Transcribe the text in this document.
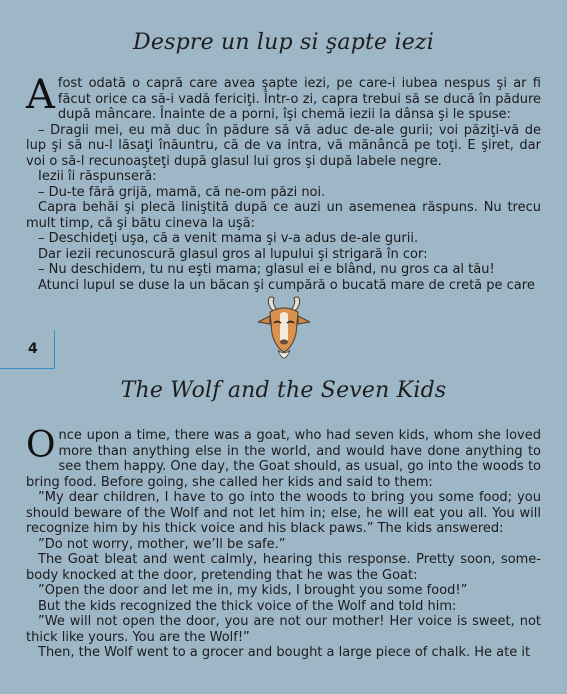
Despre un lup si şapte iezi

Afost odată o capră care avea şapte iezi, pe care-i iubea nespus şi ar fi făcut orice ca să-i vadă fericiţi. Într-o zi, capra trebui să se ducă în pădure după mâncare. Înainte de a porni, îşi chemă iezii la dânsa şi le spuse:

– Dragii mei, eu mă duc în pădure să vă aduc de-ale gurii; voi păziţi-vă de lup şi să nu-l lăsaţi înăuntru, că de va intra, vă mănâncă pe toţi. E şiret, dar voi o să-l recunoaşteţi după glasul lui gros şi după labele negre.

Iezii îi răspunseră:

– Du-te fără grijă, mamă, că ne-om păzi noi.

Capra behăi şi plecă liniştită după ce auzi un asemenea răspuns. Nu trecu mult timp, că şi bătu cineva la uşă:

– Deschideţi uşa, că a venit mama şi v-a adus de-ale gurii.

Dar iezii recunoscură glasul gros al lupului şi strigară în cor:

– Nu deschidem, tu nu eşti mama; glasul ei e blând, nu gros ca al tău!

Atunci lupul se duse la un băcan şi cumpără o bucată mare de cretă pe care

4
The Wolf and the Seven Kids

Once upon a time, there was a goat, who had seven kids, whom she loved more than anything else in the world, and would have done anything to see them happy. One day, the Goat should, as usual, go into the woods to bring food. Before going, she called her kids and said to them:

”My dear children, I have to go into the woods to bring you some food; you should beware of the Wolf and not let him in; else, he will eat you all. You will recognize him by his thick voice and his black paws.” The kids answered:

”Do not worry, mother, we’ll be safe.”

The Goat bleat and went calmly, hearing this response. Pretty soon, some-body knocked at the door, pretending that he was the Goat:

”Open the door and let me in, my kids, I brought you some food!”

But the kids recognized the thick voice of the Wolf and told him:

”We will not open the door, you are not our mother! Her voice is sweet, not thick like yours. You are the Wolf!”

Then, the Wolf went to a grocer and bought a large piece of chalk. He ate it
